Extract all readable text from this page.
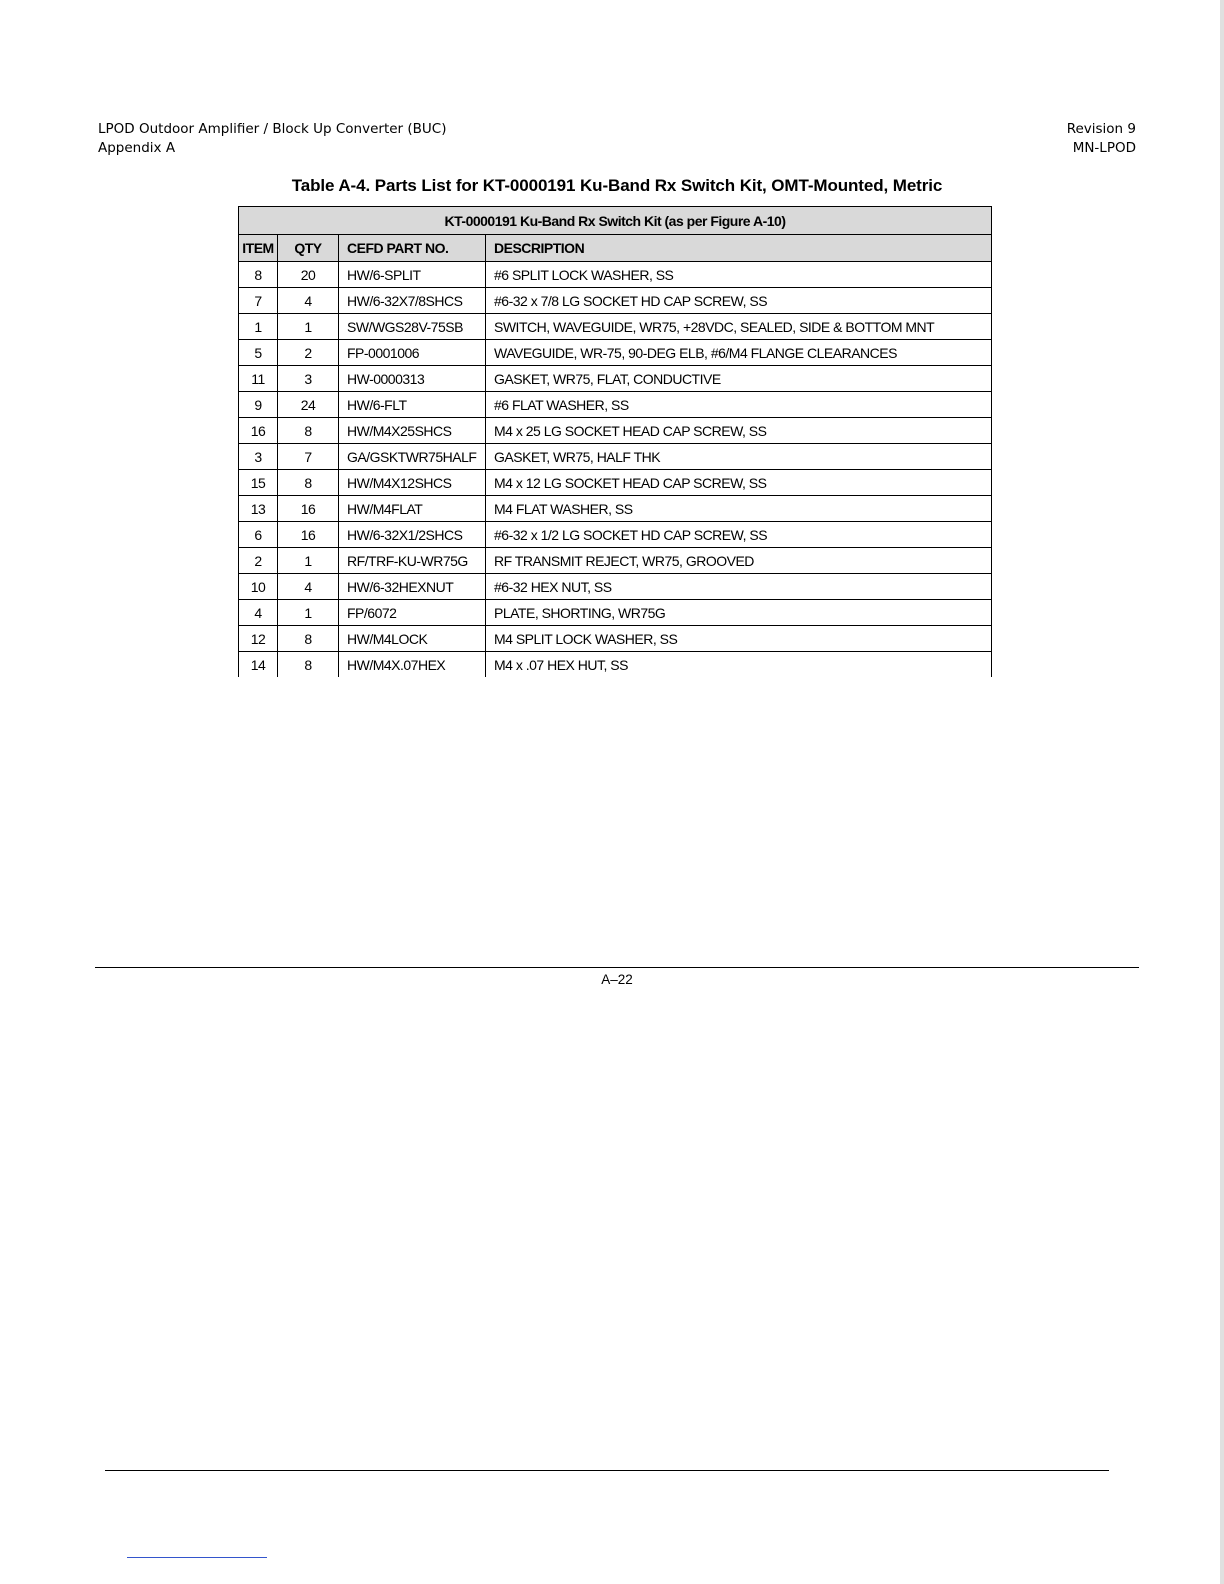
LPOD Outdoor Amplifier / Block Up Converter (BUC)
Appendix A
Revision 9
MN-LPOD
Table A-4. Parts List for KT-0000191 Ku-Band Rx Switch Kit, OMT-Mounted, Metric
KT-0000191 Ku-Band Rx Switch Kit (as per Figure A-10)			
ITEM	QTY	CEFD PART NO.	DESCRIPTION
8	20	HW/6-SPLIT	#6 SPLIT LOCK WASHER, SS
7	4	HW/6-32X7/8SHCS	#6-32 x 7/8 LG SOCKET HD CAP SCREW, SS
1	1	SW/WGS28V-75SB	SWITCH, WAVEGUIDE, WR75, +28VDC, SEALED, SIDE & BOTTOM MNT
5	2	FP-0001006	WAVEGUIDE, WR-75, 90-DEG ELB, #6/M4 FLANGE CLEARANCES
11	3	HW-0000313	GASKET, WR75, FLAT, CONDUCTIVE
9	24	HW/6-FLT	#6 FLAT WASHER, SS
16	8	HW/M4X25SHCS	M4 x 25 LG SOCKET HEAD CAP SCREW, SS
3	7	GA/GSKTWR75HALF	GASKET, WR75, HALF THK
15	8	HW/M4X12SHCS	M4 x 12 LG SOCKET HEAD CAP SCREW, SS
13	16	HW/M4FLAT	M4 FLAT WASHER, SS
6	16	HW/6-32X1/2SHCS	#6-32 x 1/2 LG SOCKET HD CAP SCREW, SS
2	1	RF/TRF-KU-WR75G	RF TRANSMIT REJECT, WR75, GROOVED
10	4	HW/6-32HEXNUT	#6-32 HEX NUT, SS
4	1	FP/6072	PLATE, SHORTING, WR75G
12	8	HW/M4LOCK	M4 SPLIT LOCK WASHER, SS
14	8	HW/M4X.07HEX	M4 x .07 HEX HUT, SS
A–22
